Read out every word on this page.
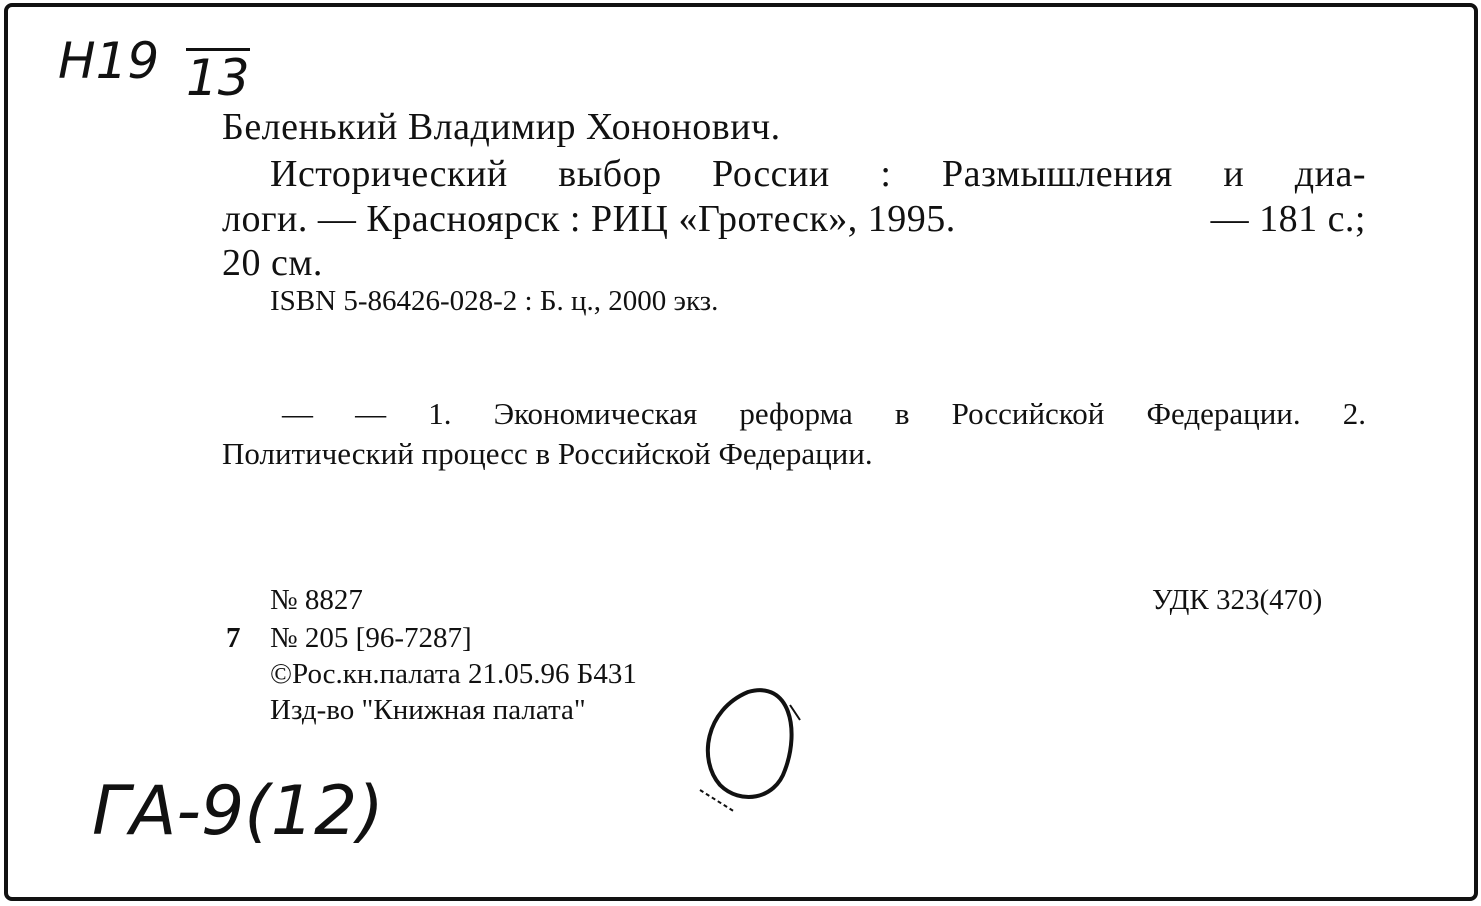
Н19 13
ГА-9(12)
Беленький Владимир Хононович.
Исторический выбор России : Размышления и диа-
логи. — Красноярск : РИЦ «Гротеск», 1995.	— 181 с.;
20 см.
ISBN 5-86426-028-2 : Б. ц., 2000 экз.
— — 1. Экономическая реформа в Российской Федерации. 2.
Политический процесс в Российской Федерации.
№ 8827	УДК 323(470)
7 № 205 [96-7287]
©Рос.кн.палата 21.05.96 Б431
Изд-во "Книжная палата"
